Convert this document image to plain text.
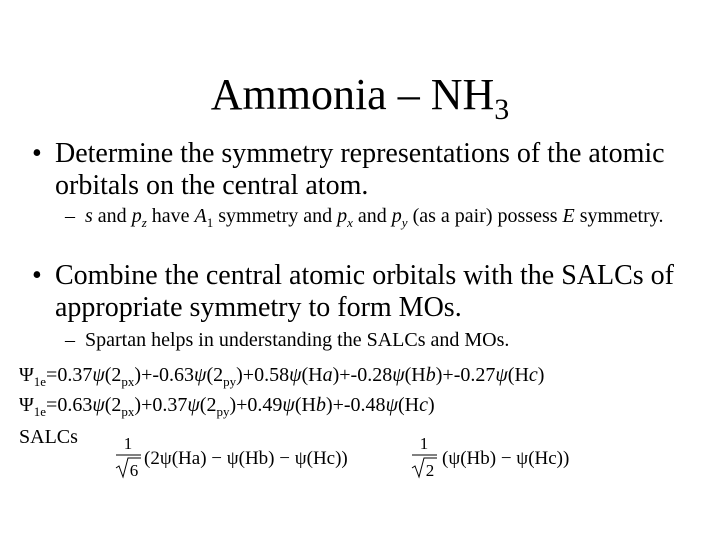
Ammonia – $NH_3$
• Determine the symmetry representations of the atomic orbitals on the central atom.
– s and $p_z$ have $A_1$ symmetry and $p_x$ and $p_y$ (as a pair) possess E symmetry.
• Combine the central atomic orbitals with the SALCs of appropriate symmetry to form MOs.
– Spartan helps in understanding the SALCs and MOs.
$\Psi_{1e}=0.37\psi(2_{px})+-0.63\psi(2_{py})+0.58\psi(Ha)+-0.28\psi(Hb)+-0.27\psi(Hc)$
$\Psi_{1e}=0.63\psi(2_{px})+0.37\psi(2_{py})+0.49\psi(Hb)+-0.48\psi(Hc)$
SALCs	1
6
(2ψ(Ha) − ψ(Hb) − ψ(Hc))
1
2
(ψ(Hb) − ψ(Hc))
